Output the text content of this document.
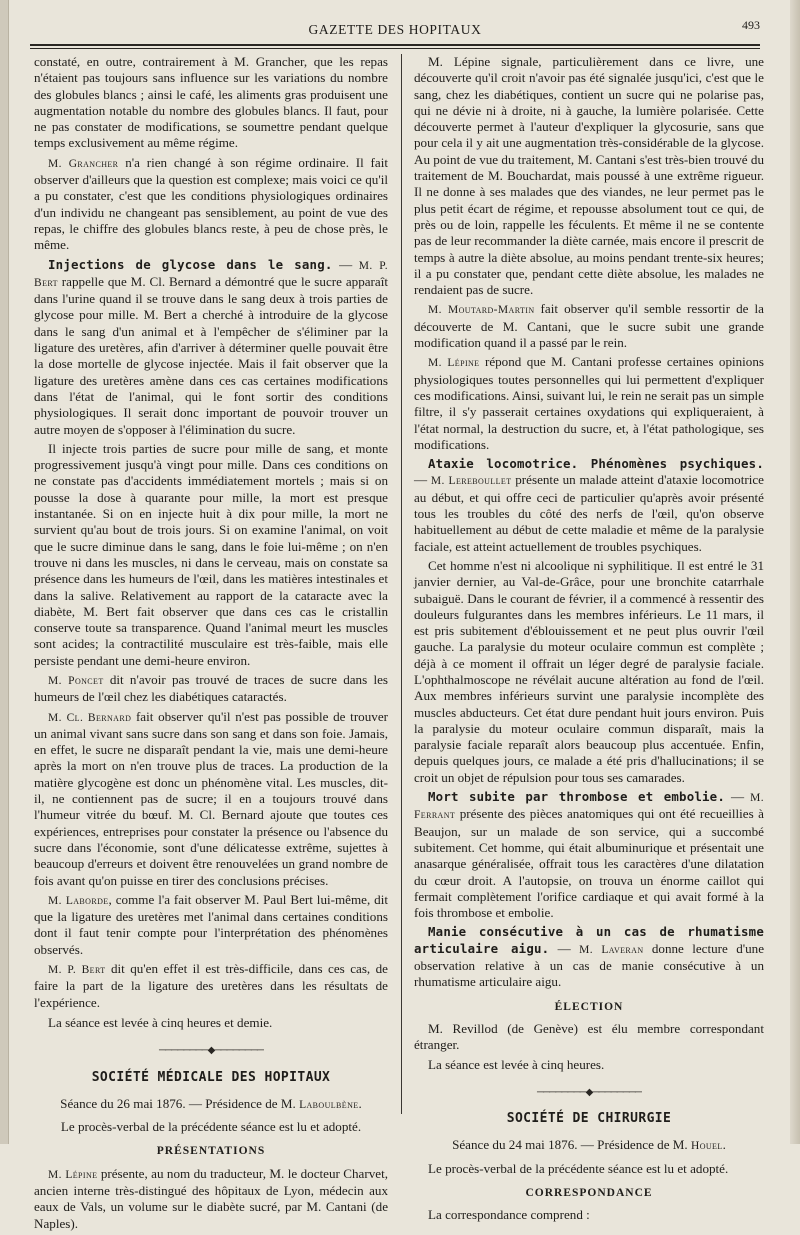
GAZETTE DES HOPITAUX	493

constaté, en outre, contrairement à M. Grancher, que les repas n'étaient pas toujours sans influence sur les variations du nombre des globules blancs ; ainsi le café, les aliments gras produisent une augmentation notable du nombre des globules blancs. Il faut, pour ne pas constater de modifications, se soumettre pendant quelque temps exclusivement au même régime.

M. Grancher n'a rien changé à son régime ordinaire. Il fait observer d'ailleurs que la question est complexe; mais voici ce qu'il a pu constater, c'est que les conditions physiologiques ordinaires d'un individu ne changeant pas sensiblement, au point de vue des repas, le chiffre des globules blancs reste, à peu de chose près, le même.

Injections de glycose dans le sang. — M. P. Bert rappelle que M. Cl. Bernard a démontré que le sucre apparaît dans l'urine quand il se trouve dans le sang deux à trois parties de glycose pour mille. M. Bert a cherché à introduire de la glycose dans le sang d'un animal et à l'empêcher de s'éliminer par la ligature des uretères, afin d'arriver à déterminer quelle pouvait être la dose mortelle de glycose injectée. Mais il fait observer que la ligature des uretères amène dans ces cas certaines modifications dans l'état de l'animal, qui le font sortir des conditions physiologiques. Il serait donc important de pouvoir trouver un autre moyen de s'opposer à l'élimination du sucre.

Il injecte trois parties de sucre pour mille de sang, et monte progressivement jusqu'à vingt pour mille. Dans ces conditions on ne constate pas d'accidents immédiatement mortels ; mais si on pousse la dose à quarante pour mille, la mort est presque instantanée. Si on en injecte huit à dix pour mille, la mort ne survient qu'au bout de trois jours. Si on examine l'animal, on voit que le sucre diminue dans le sang, dans le foie lui-même ; on n'en trouve ni dans les muscles, ni dans le cerveau, mais on constate sa présence dans les humeurs de l'œil, dans les matières intestinales et dans la salive. Relativement au rapport de la cataracte avec la diabète, M. Bert fait observer que dans ces cas le cristallin conserve toute sa transparence. Quand l'animal meurt les muscles sont acides; la contractilité musculaire est très-faible, mais elle persiste pendant une demi-heure environ.

M. Poncet dit n'avoir pas trouvé de traces de sucre dans les humeurs de l'œil chez les diabétiques cataractés.

M. Cl. Bernard fait observer qu'il n'est pas possible de trouver un animal vivant sans sucre dans son sang et dans son foie. Jamais, en effet, le sucre ne disparaît pendant la vie, mais une demi-heure après la mort on n'en trouve plus de traces. La production de la matière glycogène est donc un phénomène vital. Les muscles, dit-il, ne contiennent pas de sucre; il en a toujours trouvé dans l'humeur vitrée du bœuf. M. Cl. Bernard ajoute que toutes ces expériences, entreprises pour constater la présence ou l'absence du sucre dans l'économie, sont d'une délicatesse extrême, sujettes à beaucoup d'erreurs et doivent être renouvelées un grand nombre de fois avant qu'on puisse en tirer des conclusions précises.

M. Laborde, comme l'a fait observer M. Paul Bert lui-même, dit que la ligature des uretères met l'animal dans certaines conditions dont il faut tenir compte pour l'interprétation des phénomènes observés.

M. P. Bert dit qu'en effet il est très-difficile, dans ces cas, de faire la part de la ligature des uretères dans les résultats de l'expérience.

La séance est levée à cinq heures et demie.

────────◆────────
SOCIÉTÉ MÉDICALE DES HOPITAUX

Séance du 26 mai 1876. — Présidence de M. Laboulbène.

Le procès-verbal de la précédente séance est lu et adopté.

PRÉSENTATIONS

M. Lépine présente, au nom du traducteur, M. le docteur Charvet, ancien interne très-distingué des hôpitaux de Lyon, médecin aux eaux de Vals, un volume sur le diabète sucré, par M. Cantani (de Naples).

M. Lépine signale, particulièrement dans ce livre, une découverte qu'il croit n'avoir pas été signalée jusqu'ici, c'est que le sang, chez les diabétiques, contient un sucre qui ne polarise pas, qui ne dévie ni à droite, ni à gauche, la lumière polarisée. Cette découverte permet à l'auteur d'expliquer la glycosurie, sans que pour cela il y ait une augmentation très-considérable de la glycose. Au point de vue du traitement, M. Cantani s'est très-bien trouvé du traitement de M. Bouchardat, mais poussé à une extrême rigueur. Il ne donne à ses malades que des viandes, ne leur permet pas le plus petit écart de régime, et repousse absolument tout ce qui, de près ou de loin, rappelle les féculents. Et même il ne se contente pas de leur recommander la diète carnée, mais encore il prescrit de temps à autre la diète absolue, au moins pendant trente-six heures; il a pu constater que, pendant cette diète absolue, les malades ne rendaient pas de sucre.

M. Moutard-Martin fait observer qu'il semble ressortir de la découverte de M. Cantani, que le sucre subit une grande modification quand il a passé par le rein.

M. Lépine répond que M. Cantani professe certaines opinions physiologiques toutes personnelles qui lui permettent d'expliquer ces modifications. Ainsi, suivant lui, le rein ne serait pas un simple filtre, il s'y passerait certaines oxydations qui expliqueraient, à l'état normal, la destruction du sucre, et, à l'état pathologique, ses modifications.

Ataxie locomotrice. Phénomènes psychiques. — M. Lereboullet présente un malade atteint d'ataxie locomotrice au début, et qui offre ceci de particulier qu'après avoir présenté tous les troubles du côté des nerfs de l'œil, qu'on observe habituellement au début de cette maladie et même de la paralysie faciale, est atteint actuellement de troubles psychiques.

Cet homme n'est ni alcoolique ni syphilitique. Il est entré le 31 janvier dernier, au Val-de-Grâce, pour une bronchite catarrhale subaiguë. Dans le courant de février, il a commencé à ressentir des douleurs fulgurantes dans les membres inférieurs. Le 11 mars, il est pris subitement d'éblouissement et ne peut plus ouvrir l'œil gauche. La paralysie du moteur oculaire commun est complète ; déjà à ce moment il offrait un léger degré de paralysie faciale. L'ophthalmoscope ne révélait aucune altération au fond de l'œil. Aux membres inférieurs survint une paralysie incomplète des muscles abducteurs. Cet état dure pendant huit jours environ. Puis la paralysie du moteur oculaire commun disparaît, mais la paralysie faciale reparaît alors beaucoup plus accentuée. Enfin, depuis quelques jours, ce malade a été pris d'hallucinations; il se croit un objet de répulsion pour tous ses camarades.

Mort subite par thrombose et embolie. — M. Ferrant présente des pièces anatomiques qui ont été recueillies à Beaujon, sur un malade de son service, qui a succombé subitement. Cet homme, qui était albuminurique et présentait une anasarque généralisée, offrait tous les caractères d'une dilatation du cœur droit. A l'autopsie, on trouva un énorme caillot qui fermait complètement l'orifice cardiaque et qui avait formé à la fois thrombose et embolie.

Manie consécutive à un cas de rhumatisme articulaire aigu. — M. Laveran donne lecture d'une observation relative à un cas de manie consécutive à un rhumatisme articulaire aigu.

ÉLECTION

M. Revillod (de Genève) est élu membre correspondant étranger.

La séance est levée à cinq heures.

────────◆────────
SOCIÉTÉ DE CHIRURGIE

Séance du 24 mai 1876. — Présidence de M. Houel.

Le procès-verbal de la précédente séance est lu et adopté.

CORRESPONDANCE

La correspondance comprend :
